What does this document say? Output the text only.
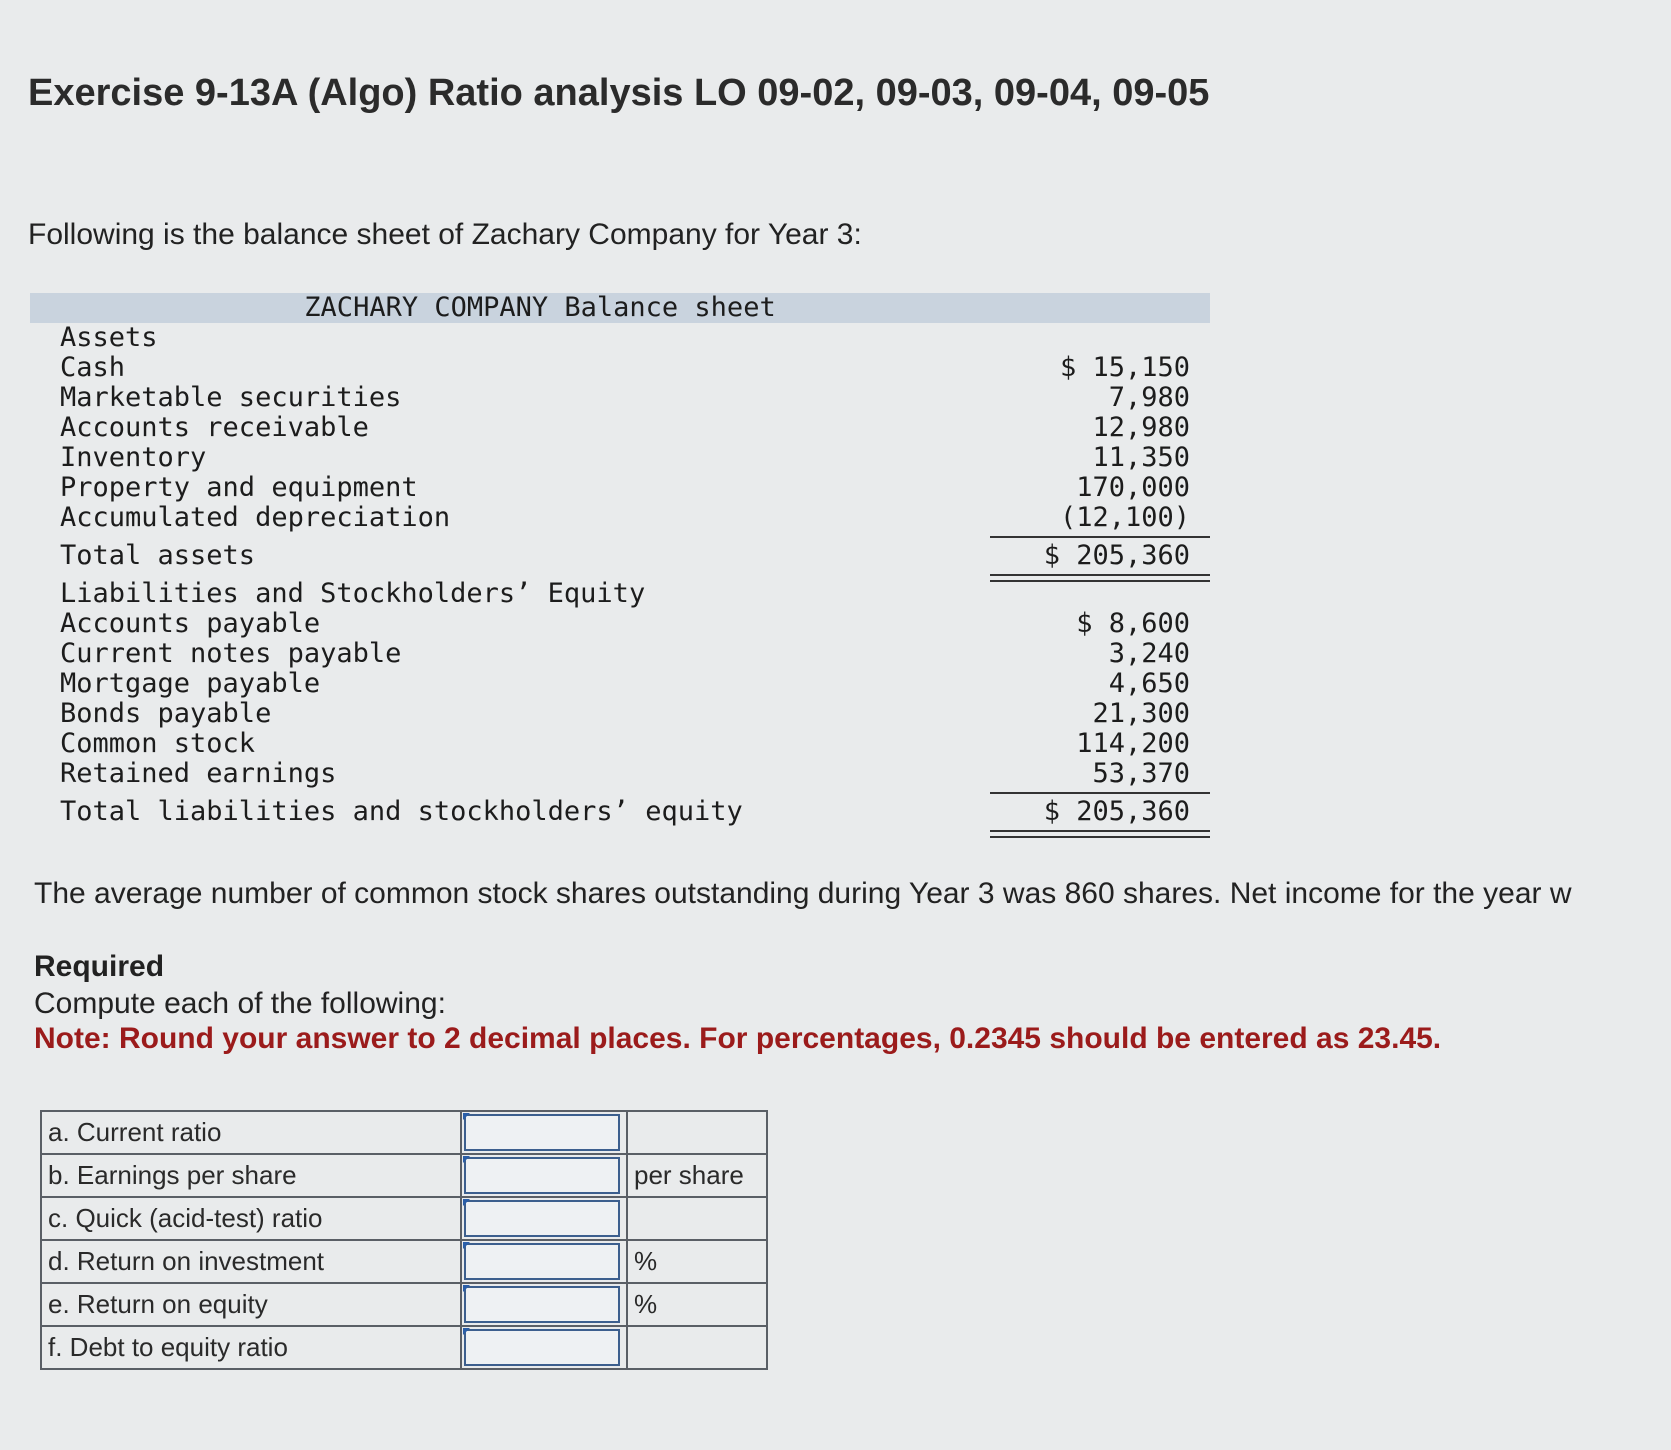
Exercise 9-13A (Algo) Ratio analysis LO 09-02, 09-03, 09-04, 09-05
Following is the balance sheet of Zachary Company for Year 3:
ZACHARY COMPANY Balance sheet
Assets
Cash	$ 15,150
Marketable securities	7,980
Accounts receivable	12,980
Inventory	11,350
Property and equipment	170,000
Accumulated depreciation	(12,100)
Total assets	$ 205,360
Liabilities and Stockholders’ Equity
Accounts payable	$ 8,600
Current notes payable	3,240
Mortgage payable	4,650
Bonds payable	21,300
Common stock	114,200
Retained earnings	53,370
Total liabilities and stockholders’ equity	$ 205,360
The average number of common stock shares outstanding during Year 3 was 860 shares. Net income for the year w
Required
Compute each of the following:
Note: Round your answer to 2 decimal places. For percentages, 0.2345 should be entered as 23.45.
a. Current ratio	

b. Earnings per share		per share
c. Quick (acid-test) ratio	

d. Return on investment		%
e. Return on equity		%
f. Debt to equity ratio	
